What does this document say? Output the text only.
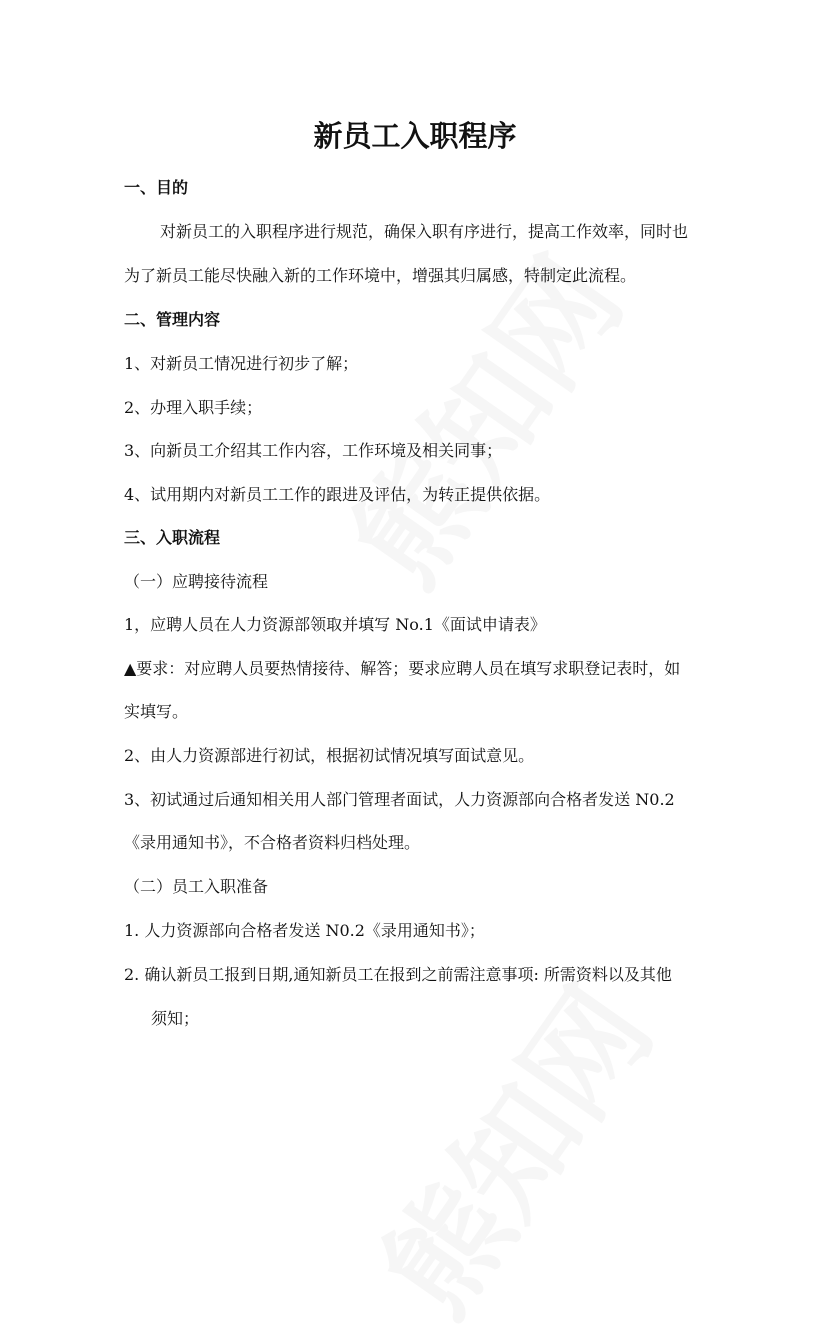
新员工入职程序
一、目的
对新员工的入职程序进行规范，确保入职有序进行，提高工作效率，同时也
为了新员工能尽快融入新的工作环境中，增强其归属感，特制定此流程。
二、管理内容
1、对新员工情况进行初步了解；
2、办理入职手续；
3、向新员工介绍其工作内容，工作环境及相关同事；
4、试用期内对新员工工作的跟进及评估，为转正提供依据。
三、入职流程
（一）应聘接待流程
1，应聘人员在人力资源部领取并填写 No.1《面试申请表》
▲要求：对应聘人员要热情接待、解答；要求应聘人员在填写求职登记表时，如
实填写。
2、由人力资源部进行初试，根据初试情况填写面试意见。
3、初试通过后通知相关用人部门管理者面试，人力资源部向合格者发送 N0.2
《录用通知书》，不合格者资料归档处理。
（二）员工入职准备
1. 人力资源部向合格者发送 N0.2《录用通知书》；
2. 确认新员工报到日期,通知新员工在报到之前需注意事项: 所需资料以及其他
须知；
